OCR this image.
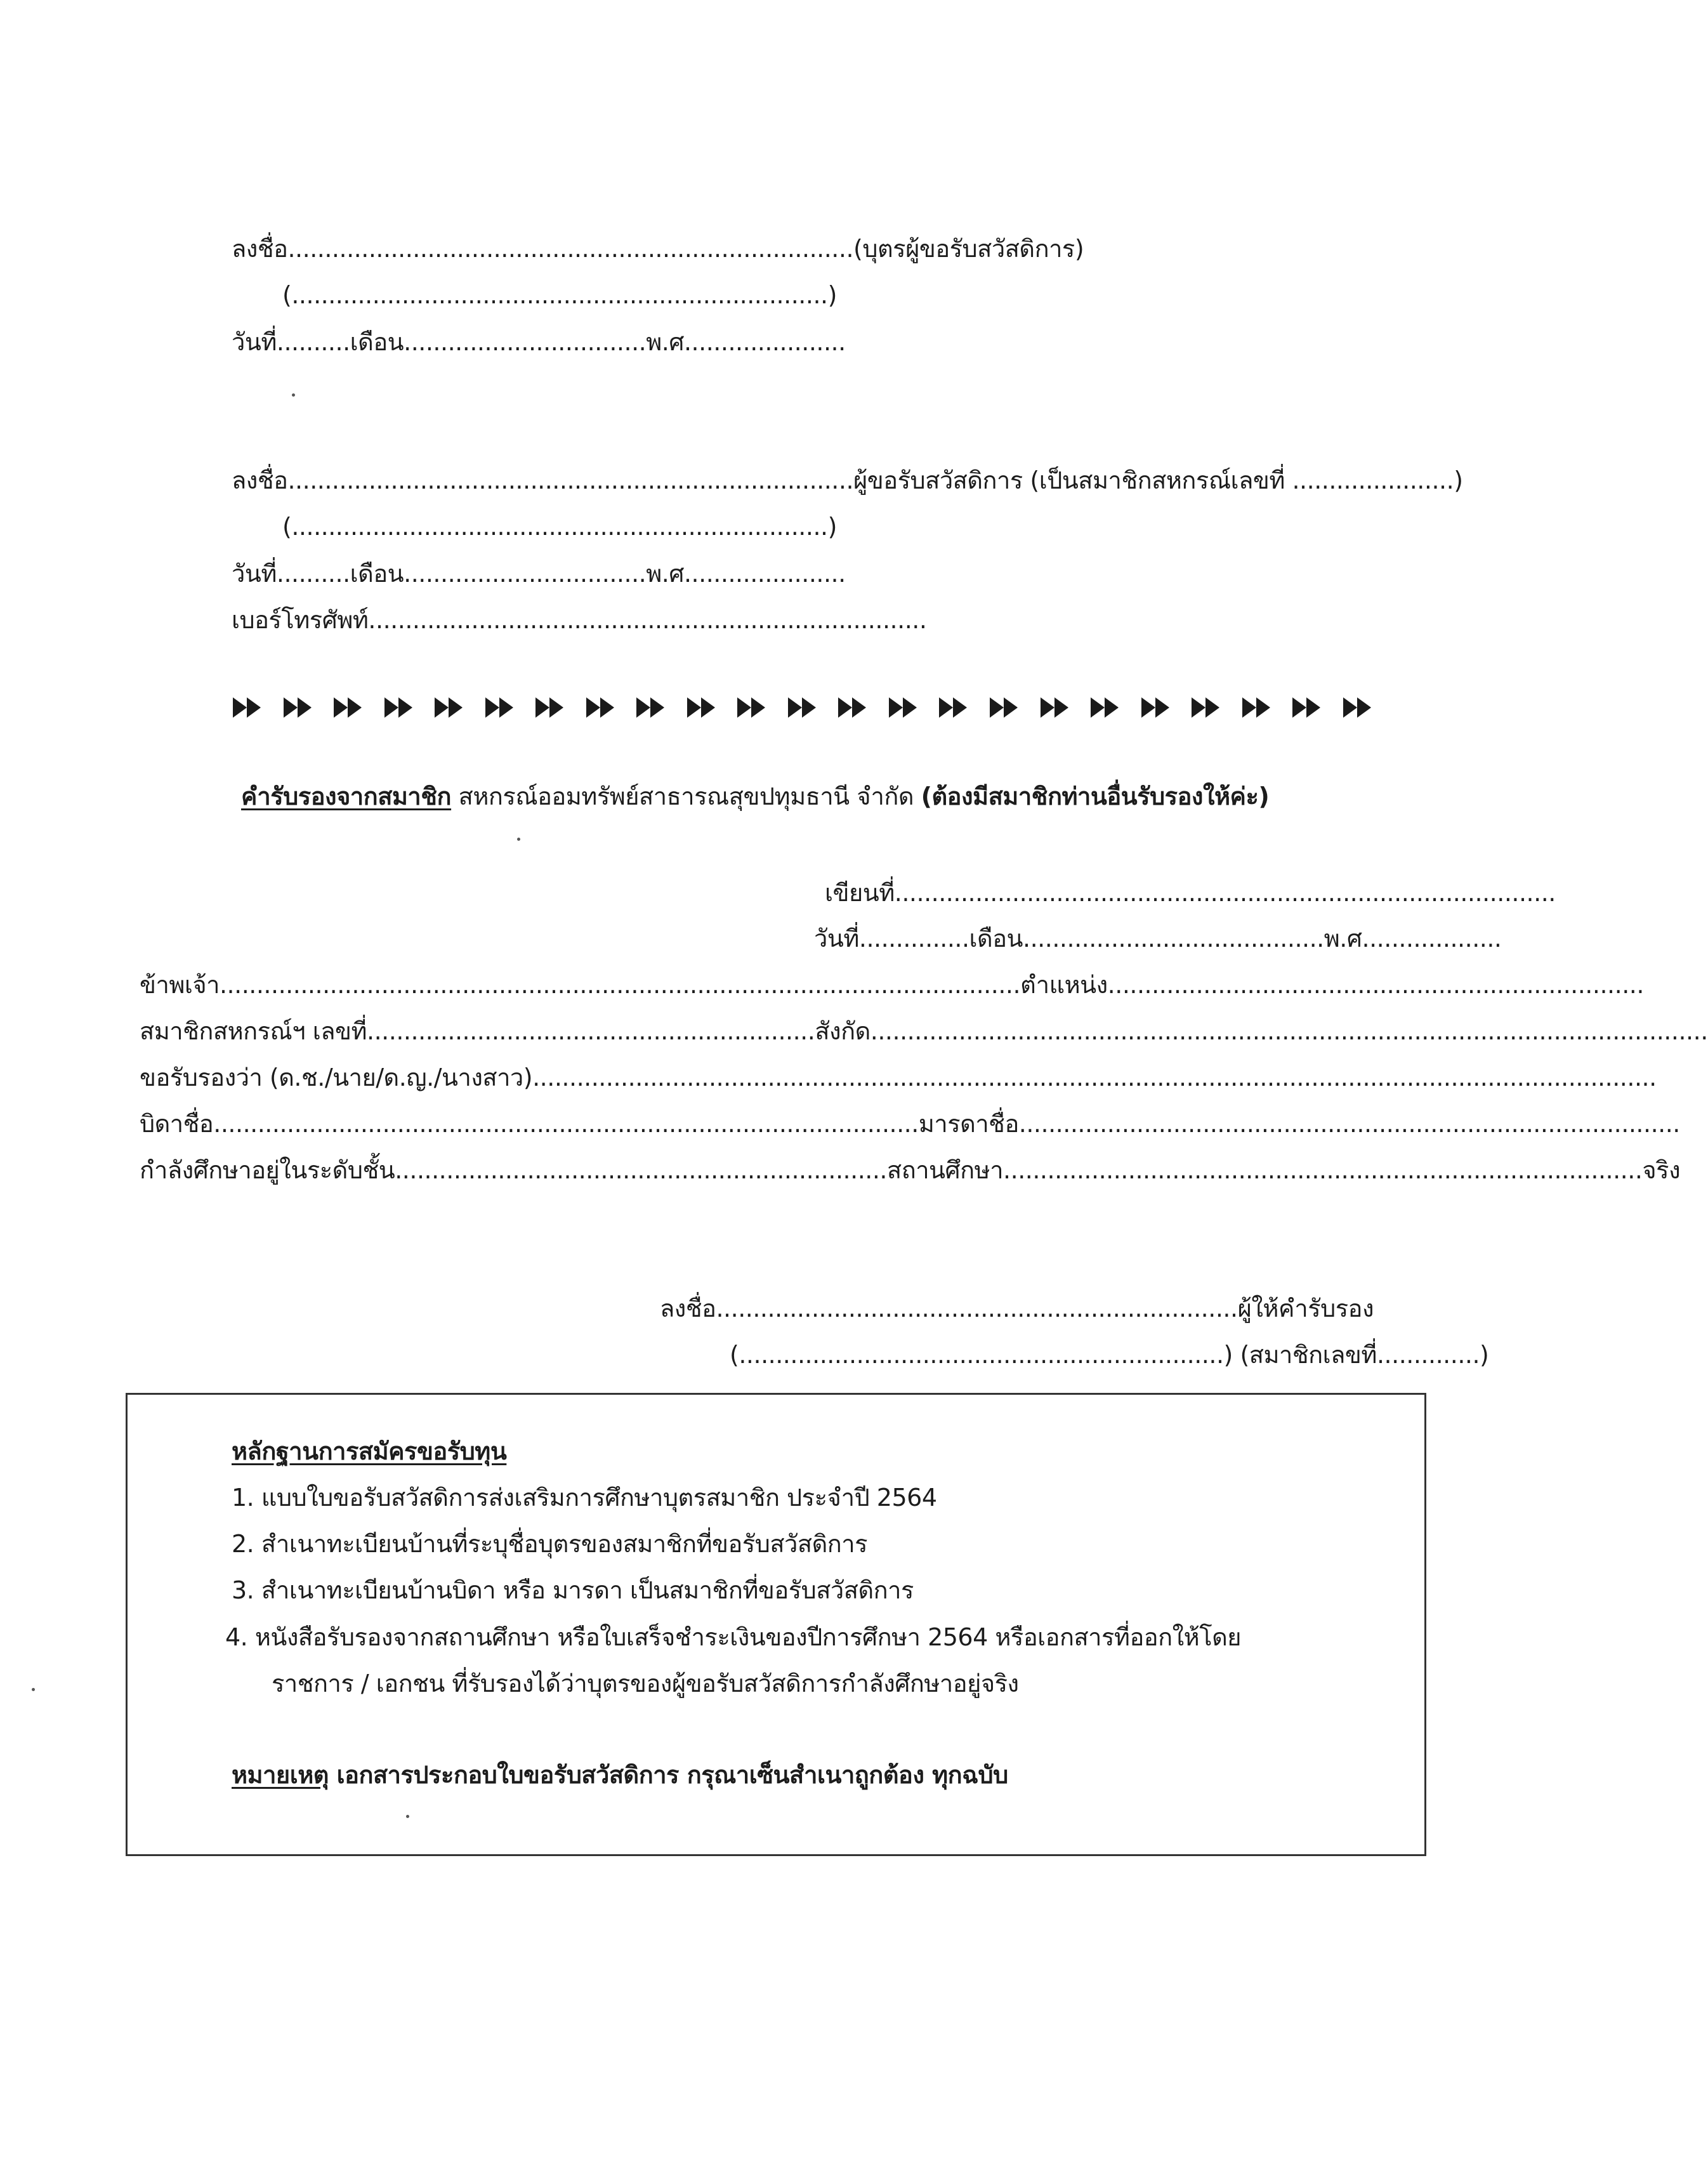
ลงชื่อ.............................................................................(บุตรผู้ขอรับสวัสดิการ)
(.........................................................................)
วันที่..........เดือน.................................พ.ศ......................
ลงชื่อ.............................................................................ผู้ขอรับสวัสดิการ (เป็นสมาชิกสหกรณ์เลขที่ ......................)
(.........................................................................)
วันที่..........เดือน.................................พ.ศ......................
เบอร์โทรศัพท์............................................................................
คำรับรองจากสมาชิก สหกรณ์ออมทรัพย์สาธารณสุขปทุมธานี จำกัด (ต้องมีสมาชิกท่านอื่นรับรองให้ค่ะ)
เขียนที่..........................................................................................
วันที่...............เดือน.........................................พ.ศ...................
ข้าพเจ้า.............................................................................................................ตำแหน่ง.........................................................................
สมาชิกสหกรณ์ฯ เลขที่.............................................................สังกัด..................................................................................................................
ขอรับรองว่า (ด.ช./นาย/ด.ญ./นางสาว).........................................................................................................................................................
บิดาชื่อ................................................................................................มารดาชื่อ..........................................................................................
กำลังศึกษาอยู่ในระดับชั้น...................................................................สถานศึกษา.......................................................................................จริง
ลงชื่อ.......................................................................ผู้ให้คำรับรอง
(..................................................................) (สมาชิกเลขที่..............)
หลักฐานการสมัครขอรับทุน
1. แบบใบขอรับสวัสดิการส่งเสริมการศึกษาบุตรสมาชิก ประจำปี 2564
2. สำเนาทะเบียนบ้านที่ระบุชื่อบุตรของสมาชิกที่ขอรับสวัสดิการ
3. สำเนาทะเบียนบ้านบิดา หรือ มารดา เป็นสมาชิกที่ขอรับสวัสดิการ
4. หนังสือรับรองจากสถานศึกษา หรือใบเสร็จชำระเงินของปีการศึกษา 2564 หรือเอกสารที่ออกให้โดย
ราชการ / เอกชน ที่รับรองได้ว่าบุตรของผู้ขอรับสวัสดิการกำลังศึกษาอยู่จริง
หมายเหตุ เอกสารประกอบใบขอรับสวัสดิการ กรุณาเซ็นสำเนาถูกต้อง ทุกฉบับ
